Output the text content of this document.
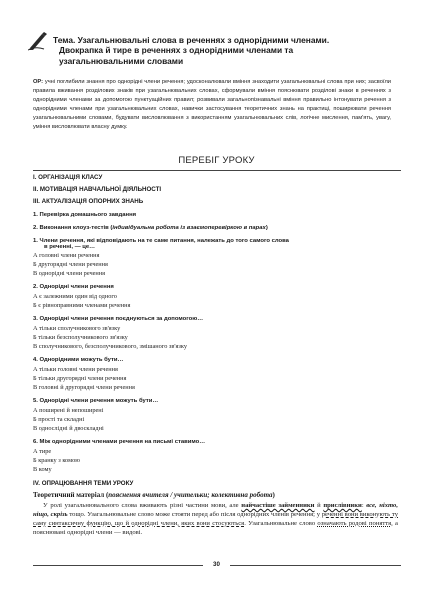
Тема. Узагальнювальні слова в реченнях з однорідними членами.
Двокрапка й тире в реченнях з однорідними членами та
узагальнювальними словами
ОР: учні поглибили знання про однорідні члени речення; удосконалювали вміння знаходити узагальнювальні слова при них; засвоїли правила вживання розділових знаків при узагальнювальних словах, сформували вміння пояснювати розділові знаки в реченнях з однорідними членами за допомогою пунктуаційних правил; розвивали загальнопізнавальні вміння правильно інтонувати речення з однорідними членами при узагальнювальних словах, навички застосування теоретичних знань на практиці, поширювати речення узагальнювальними словами, будувати висловлювання з використанням узагальнювальних слів, логічне мислення, пам'ять, увагу, уміння висловлювати власну думку.
ПЕРЕБІГ УРОКУ
I. ОРГАНІЗАЦІЯ КЛАСУ
II. МОТИВАЦІЯ НАВЧАЛЬНОЇ ДІЯЛЬНОСТІ
III. АКТУАЛІЗАЦІЯ ОПОРНИХ ЗНАНЬ
1. Перевірка домашнього завдання
2. Виконання клоуз-тестів (індивідуальна робота із взаємоперевіркою в парах)
1. Члени речення, які відповідають на те саме питання, належать до того самого слова
в реченні, — це…
А головні члени речення
Б другорядні члени речення
В однорідні члени речення
2. Однорідні члени речення
А є залежними один від одного
Б є рівноправними членами речення
3. Однорідні члени речення поєднуються за допомогою…
А тільки сполучникового зв'язку
Б тільки безсполучникового зв'язку
В сполучникового, безсполучникового, змішаного зв'язку
4. Однорідними можуть бути…
А тільки головні члени речення
Б тільки другорядні члени речення
В головні й другорядні члени речення
5. Однорідні члени речення можуть бути…
А поширені й непоширені
Б прості та складні
В однослідні й двоскладні
6. Між однорідними членами речення на письмі ставимо…
А тире
Б кранку з комою
В кому
IV. ОПРАЦЮВАННЯ ТЕМИ УРОКУ
Теоретичний матеріал (пояснення вчителя / учительки; колективна робота)
У ролі узагальнювального слова вживають різні частини мови, але найчастіше займенники й прислівники: все, ніхто, ніщо, скрізь тощо. Узагальнювальне слово може стояти перед або після однорідних членів речення; у реченні вони виконують ту саму синтаксичну функцію, що й однорідні члени, яких вони стосуються. Узагальнювальне слово означають родові поняття, а пояснювані однорідні члени — видові.
30
